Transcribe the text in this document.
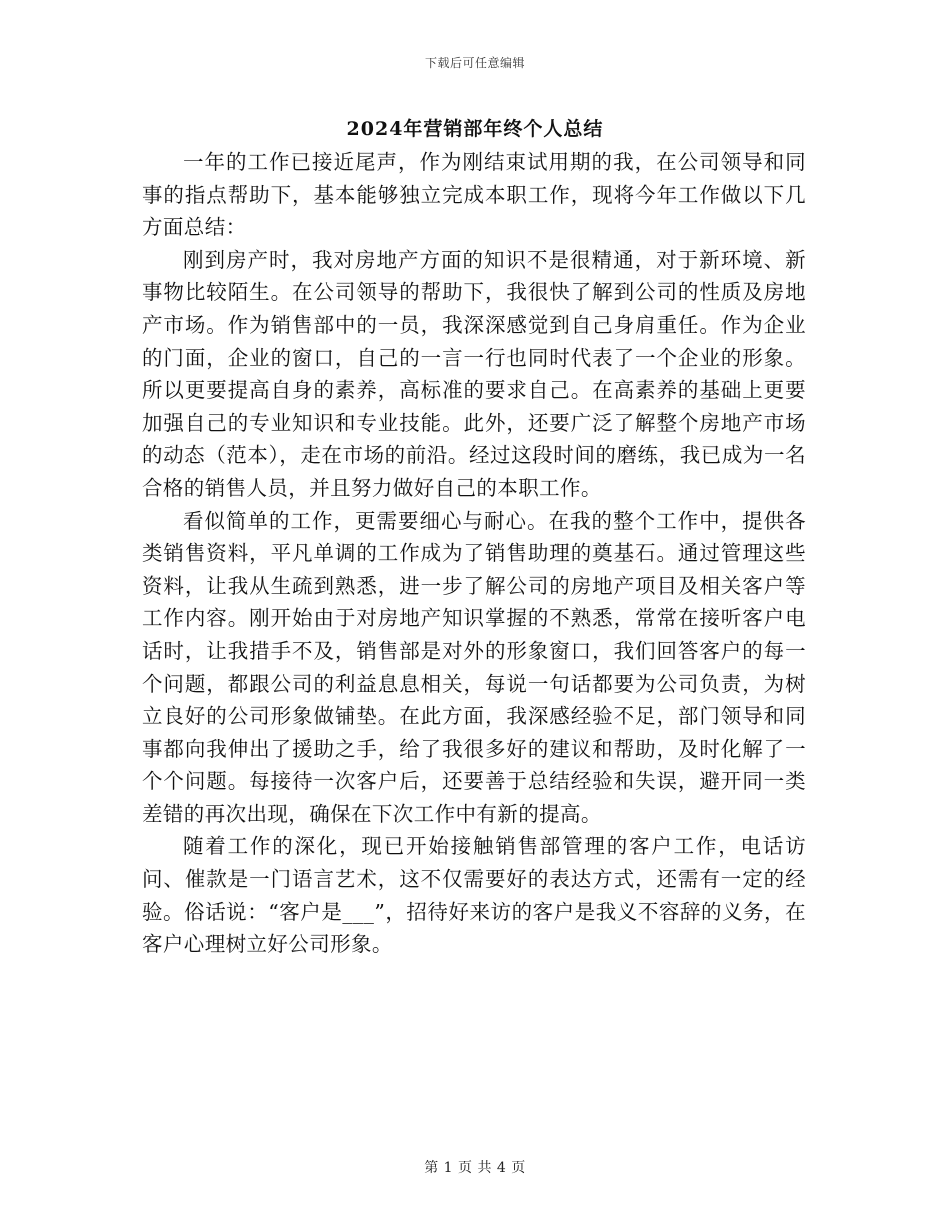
下载后可任意编辑
2024年营销部年终个人总结

一年的工作已接近尾声，作为刚结束试用期的我，在公司领导和同事的指点帮助下，基本能够独立完成本职工作，现将今年工作做以下几方面总结：

刚到房产时，我对房地产方面的知识不是很精通，对于新环境、新事物比较陌生。在公司领导的帮助下，我很快了解到公司的性质及房地产市场。作为销售部中的一员，我深深感觉到自己身肩重任。作为企业的门面，企业的窗口，自己的一言一行也同时代表了一个企业的形象。所以更要提高自身的素养，高标准的要求自己。在高素养的基础上更要加强自己的专业知识和专业技能。此外，还要广泛了解整个房地产市场的动态（范本），走在市场的前沿。经过这段时间的磨练，我已成为一名合格的销售人员，并且努力做好自己的本职工作。

看似简单的工作，更需要细心与耐心。在我的整个工作中，提供各类销售资料，平凡单调的工作成为了销售助理的奠基石。通过管理这些资料，让我从生疏到熟悉，进一步了解公司的房地产项目及相关客户等工作内容。刚开始由于对房地产知识掌握的不熟悉，常常在接听客户电话时，让我措手不及，销售部是对外的形象窗口，我们回答客户的每一个问题，都跟公司的利益息息相关，每说一句话都要为公司负责，为树立良好的公司形象做铺垫。在此方面，我深感经验不足，部门领导和同事都向我伸出了援助之手，给了我很多好的建议和帮助，及时化解了一个个问题。每接待一次客户后，还要善于总结经验和失误，避开同一类差错的再次出现，确保在下次工作中有新的提高。

随着工作的深化，现已开始接触销售部管理的客户工作，电话访问、催款是一门语言艺术，这不仅需要好的表达方式，还需有一定的经验。俗话说：“客户是___”，招待好来访的客户是我义不容辞的义务，在客户心理树立好公司形象。

第 1 页 共 4 页
